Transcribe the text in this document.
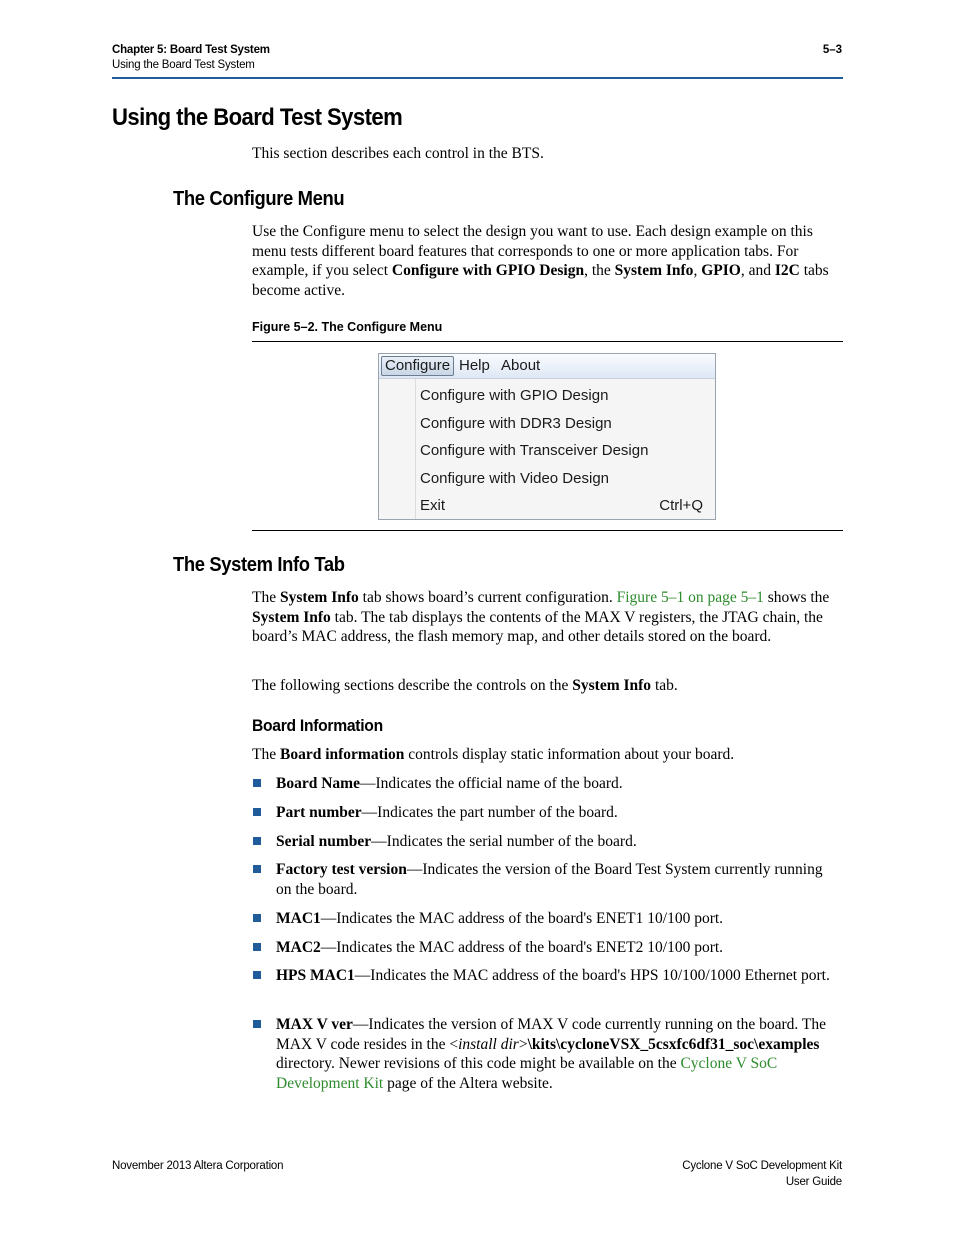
Chapter 5: Board Test System
Using the Board Test System
5–3
Using the Board Test System
This section describes each control in the BTS.
The Configure Menu
Use the Configure menu to select the design you want to use. Each design example on this menu tests different board features that corresponds to one or more application tabs. For example, if you select Configure with GPIO Design, the System Info, GPIO, and I2C tabs become active.
Figure 5–2. The Configure Menu
Configure Help About
Configure with GPIO Design
Configure with DDR3 Design
Configure with Transceiver Design
Configure with Video Design
Exit	Ctrl+Q
The System Info Tab
The System Info tab shows board’s current configuration. Figure 5–1 on page 5–1 shows the System Info tab. The tab displays the contents of the MAX V registers, the JTAG chain, the board’s MAC address, the flash memory map, and other details stored on the board.
The following sections describe the controls on the System Info tab.
Board Information
The Board information controls display static information about your board.
Board Name—Indicates the official name of the board.
Part number—Indicates the part number of the board.
Serial number—Indicates the serial number of the board.
Factory test version—Indicates the version of the Board Test System currently running on the board.
MAC1—Indicates the MAC address of the board's ENET1 10/100 port.
MAC2—Indicates the MAC address of the board's ENET2 10/100 port.
HPS MAC1—Indicates the MAC address of the board's HPS 10/100/1000 Ethernet port.
MAX V ver—Indicates the version of MAX V code currently running on the board. The MAX V code resides in the <install dir>\kits\cycloneVSX_5csxfc6df31_soc\examples directory. Newer revisions of this code might be available on the Cyclone V SoC Development Kit page of the Altera website.
November 2013 Altera Corporation	Cyclone V SoC Development Kit
User Guide
